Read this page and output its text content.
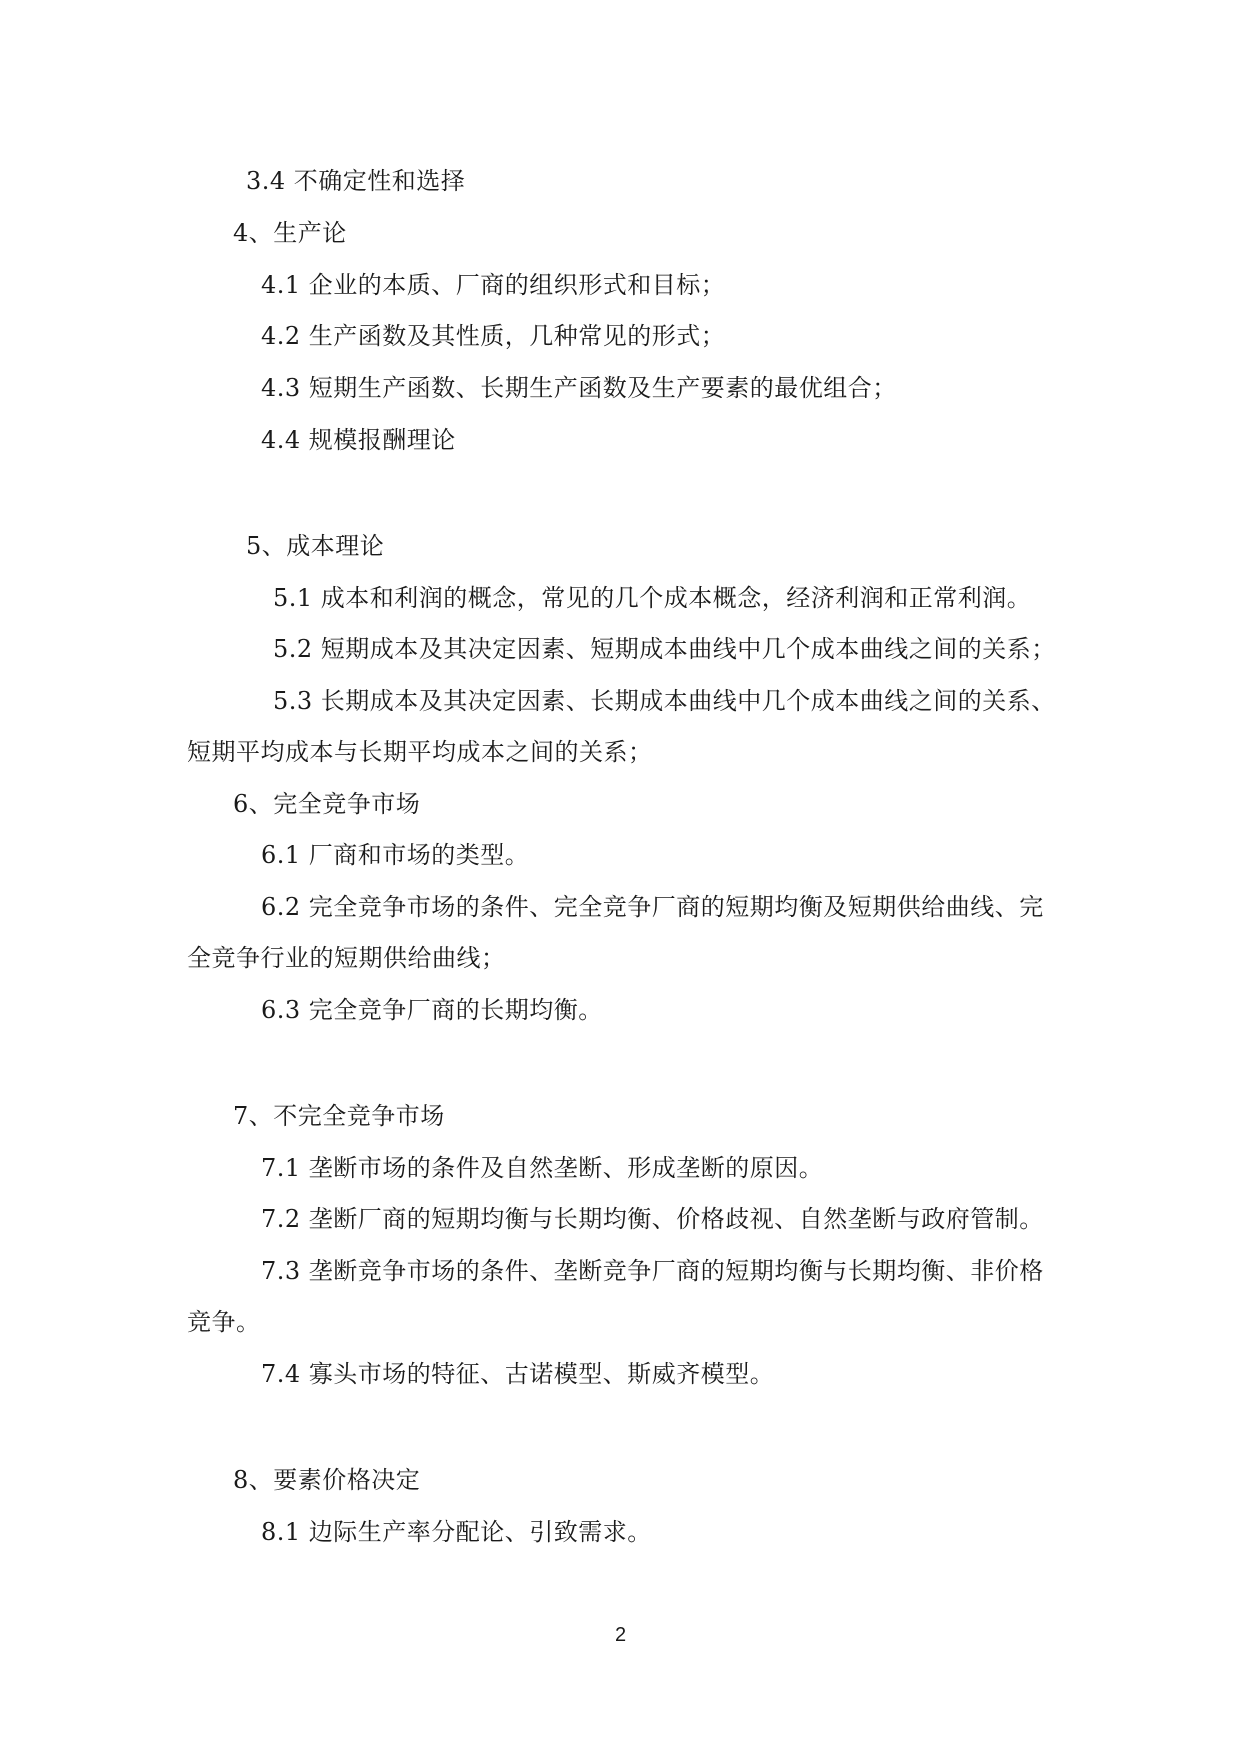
3.4 不确定性和选择
4、生产论
4.1 企业的本质、厂商的组织形式和目标；
4.2 生产函数及其性质，几种常见的形式；
4.3 短期生产函数、长期生产函数及生产要素的最优组合；
4.4 规模报酬理论
5、成本理论
5.1 成本和利润的概念，常见的几个成本概念，经济利润和正常利润。
5.2 短期成本及其决定因素、短期成本曲线中几个成本曲线之间的关系；
5.3 长期成本及其决定因素、长期成本曲线中几个成本曲线之间的关系、
短期平均成本与长期平均成本之间的关系；
6、完全竞争市场
6.1 厂商和市场的类型。
6.2 完全竞争市场的条件、完全竞争厂商的短期均衡及短期供给曲线、完
全竞争行业的短期供给曲线；
6.3 完全竞争厂商的长期均衡。
7、不完全竞争市场
7.1 垄断市场的条件及自然垄断、形成垄断的原因。
7.2 垄断厂商的短期均衡与长期均衡、价格歧视、自然垄断与政府管制。
7.3 垄断竞争市场的条件、垄断竞争厂商的短期均衡与长期均衡、非价格
竞争。
7.4 寡头市场的特征、古诺模型、斯威齐模型。
8、要素价格决定
8.1 边际生产率分配论、引致需求。
2
